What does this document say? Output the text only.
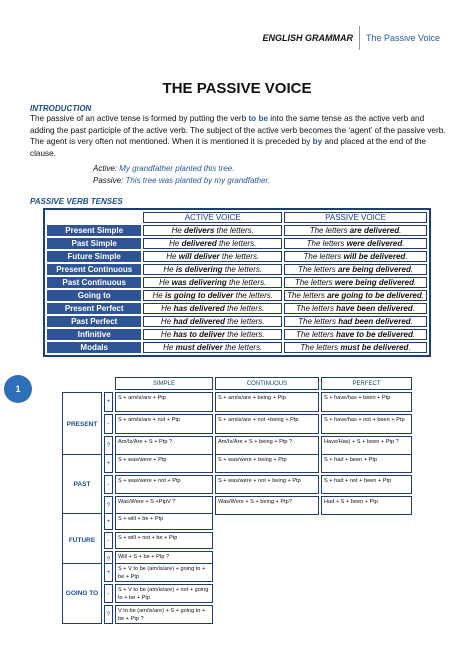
ENGLISH GRAMMAR The Passive Voice
THE PASSIVE VOICE
INTRODUCTION
The passive of an active tense is formed by putting the verb to be into the same tense as the active verb and adding the past participle of the active verb. The subject of the active verb becomes the ‘agent’ of the passive verb. The agent is very often not mentioned. When it is mentioned it is preceded by by and placed at the end of the clause.
Active: My grandfather planted this tree.
Passive: This tree was planted by my grandfather.
PASSIVE VERB TENSES
	ACTIVE VOICE	PASSIVE VOICE
Present Simple	He delivers the letters.	The letters are delivered.
Past Simple	He delivered the letters.	The letters were delivered.
Future Simple	He will deliver the letters.	The letters will be delivered.
Present Continuous	He is delivering the letters.	The letters are being delivered.
Past Continuous	He was delivering the letters.	The letters were being delivered.
Going to	He is going to deliver the letters.	The letters are going to be delivered.
Present Perfect	He has delivered the letters.	The letters have been delivered.
Past Perfect	He had delivered the letters.	The letters had been delivered.
Infinitive	He has to deliver the letters.	The letters have to be delivered.
Modals	He must deliver the letters.	The letters must be delivered.
1
SIMPLE	CONTINUOUS	PERFECT
PRESENT
+
S + am/is/are + Ptp	S + am/is/are + being + Ptp	S + have/has + been + Ptp
-
S + am/is/are + not + Ptp	S + am/is/are + not +being + Ptp	S + have/has + not + been + Ptp
?
Am/Is/Are + S + Ptp ?	Am/Is/Are + S + being + Ptp ?	Have/Has) + S + been + Ptp ?
PAST
+
S + was/were + Ptp	S + was/were + being + Ptp	S + had + been + Ptp
-
S + was/were + not + Ptp	S + was/were + not + being + Ptp	S + had + not + been + Ptp
?
Was/Were + S +PtpV ?	Was/Were + S + being + Ptp?	Had + S + been + Ptp
FUTURE
+	S + will + be + Ptp
-	S + will + not + be + Ptp
?	Will + S + be + Ptp ?
GOING TO
+
S + V to be (am/is/are) + going to + be + Ptp
-
S + V to be (am/is/are) + not + going to + be + Ptp
?
V to be (am/is/are) + S + going to + be + Ptp ?
